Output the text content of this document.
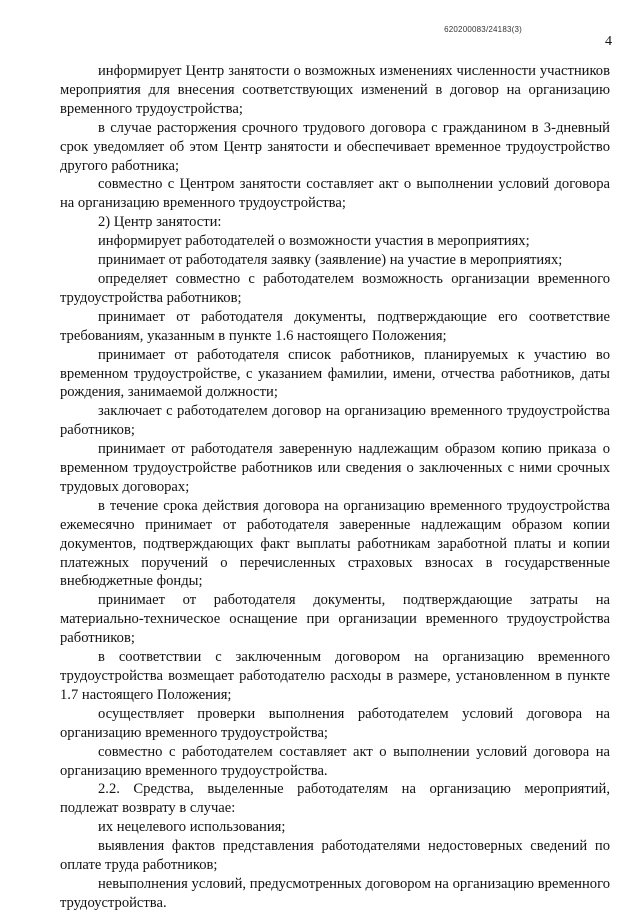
620200083/24183(3)
4

информирует Центр занятости о возможных изменениях численности участников мероприятия для внесения соответствующих изменений в договор на организацию временного трудоустройства;

в случае расторжения срочного трудового договора с гражданином в 3-дневный срок уведомляет об этом Центр занятости и обеспечивает временное трудоустройство другого работника;

совместно с Центром занятости составляет акт о выполнении условий договора на организацию временного трудоустройства;

2) Центр занятости:

информирует работодателей о возможности участия в мероприятиях;

принимает от работодателя заявку (заявление) на участие в мероприятиях;

определяет совместно с работодателем возможность организации временного трудоустройства работников;

принимает от работодателя документы, подтверждающие его соответствие требованиям, указанным в пункте 1.6 настоящего Положения;

принимает от работодателя список работников, планируемых к участию во временном трудоустройстве, с указанием фамилии, имени, отчества работников, даты рождения, занимаемой должности;

заключает с работодателем договор на организацию временного трудоустройства работников;

принимает от работодателя заверенную надлежащим образом копию приказа о временном трудоустройстве работников или сведения о заключенных с ними срочных трудовых договорах;

в течение срока действия договора на организацию временного трудоустройства ежемесячно принимает от работодателя заверенные надлежащим образом копии документов, подтверждающих факт выплаты работникам заработной платы и копии платежных поручений о перечисленных страховых взносах в государственные внебюджетные фонды;

принимает от работодателя документы, подтверждающие затраты на материально-техническое оснащение при организации временного трудоустройства работников;

в соответствии с заключенным договором на организацию временного трудоустройства возмещает работодателю расходы в размере, установленном в пункте 1.7 настоящего Положения;

осуществляет проверки выполнения работодателем условий договора на организацию временного трудоустройства;

совместно с работодателем составляет акт о выполнении условий договора на организацию временного трудоустройства.

2.2. Средства, выделенные работодателям на организацию мероприятий, подлежат возврату в случае:

их нецелевого использования;

выявления фактов представления работодателями недостоверных сведений по оплате труда работников;

невыполнения условий, предусмотренных договором на организацию временного трудоустройства.
